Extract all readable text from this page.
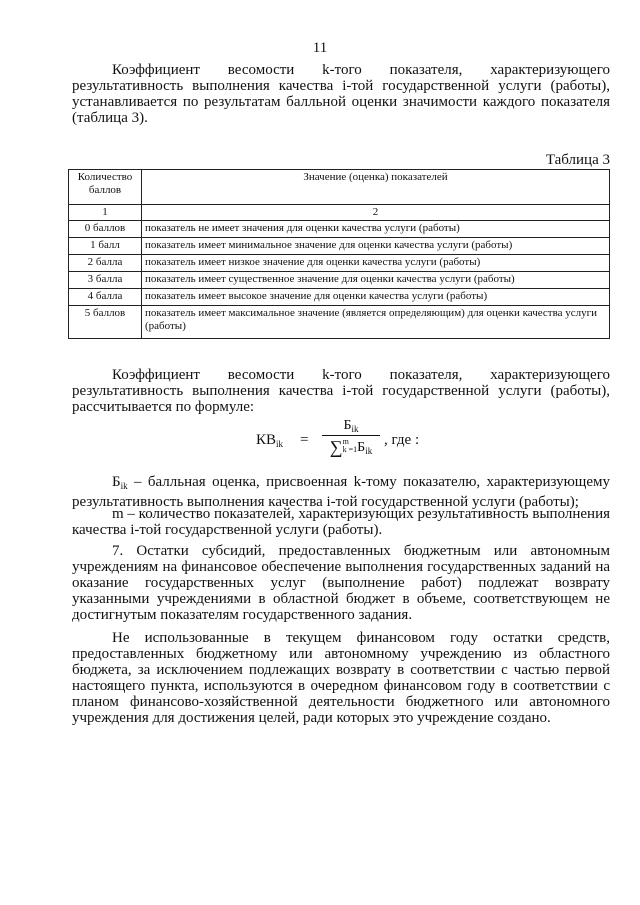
11

Коэффициент весомости k-того показателя, характеризующего результативность выполнения качества i-той государственной услуги (работы), устанавливается по результатам балльной оценки значимости каждого показателя (таблица 3).

Таблица 3
Количество баллов	Значение (оценка) показателей
1	2
0 баллов	показатель не имеет значения для оценки качества услуги (работы)
1 балл	показатель имеет минимальное значение для оценки качества услуги (работы)
2 балла	показатель имеет низкое значение для оценки качества услуги (работы)
3 балла	показатель имеет существенное значение для оценки качества услуги (работы)
4 балла	показатель имеет высокое значение для оценки качества услуги (работы)
5 баллов	показатель имеет максимальное значение (является определяющим) для оценки качества услуги (работы)

Коэффициент весомости k-того показателя, характеризующего результативность выполнения качества i-той государственной услуги (работы), рассчитывается по формуле:

$КВ_{ik}$ =
$Б_{ik}$
∑m
$k =1Б_{ik}$
, где :

$Б_{ik}$ – балльная оценка, присвоенная k-тому показателю, характеризующему результативность выполнения качества i-той государственной услуги (работы);

m – количество показателей, характеризующих результативность выполнения качества i-той государственной услуги (работы).

7. Остатки субсидий, предоставленных бюджетным или автономным учреждениям на финансовое обеспечение выполнения государственных заданий на оказание государственных услуг (выполнение работ) подлежат возврату указанными учреждениями в областной бюджет в объеме, соответствующем не достигнутым показателям государственного задания.

Не использованные в текущем финансовом году остатки средств, предоставленных бюджетному или автономному учреждению из областного бюджета, за исключением подлежащих возврату в соответствии с частью первой настоящего пункта, используются в очередном финансовом году в соответствии с планом финансово-хозяйственной деятельности бюджетного или автономного учреждения для достижения целей, ради которых это учреждение создано.
